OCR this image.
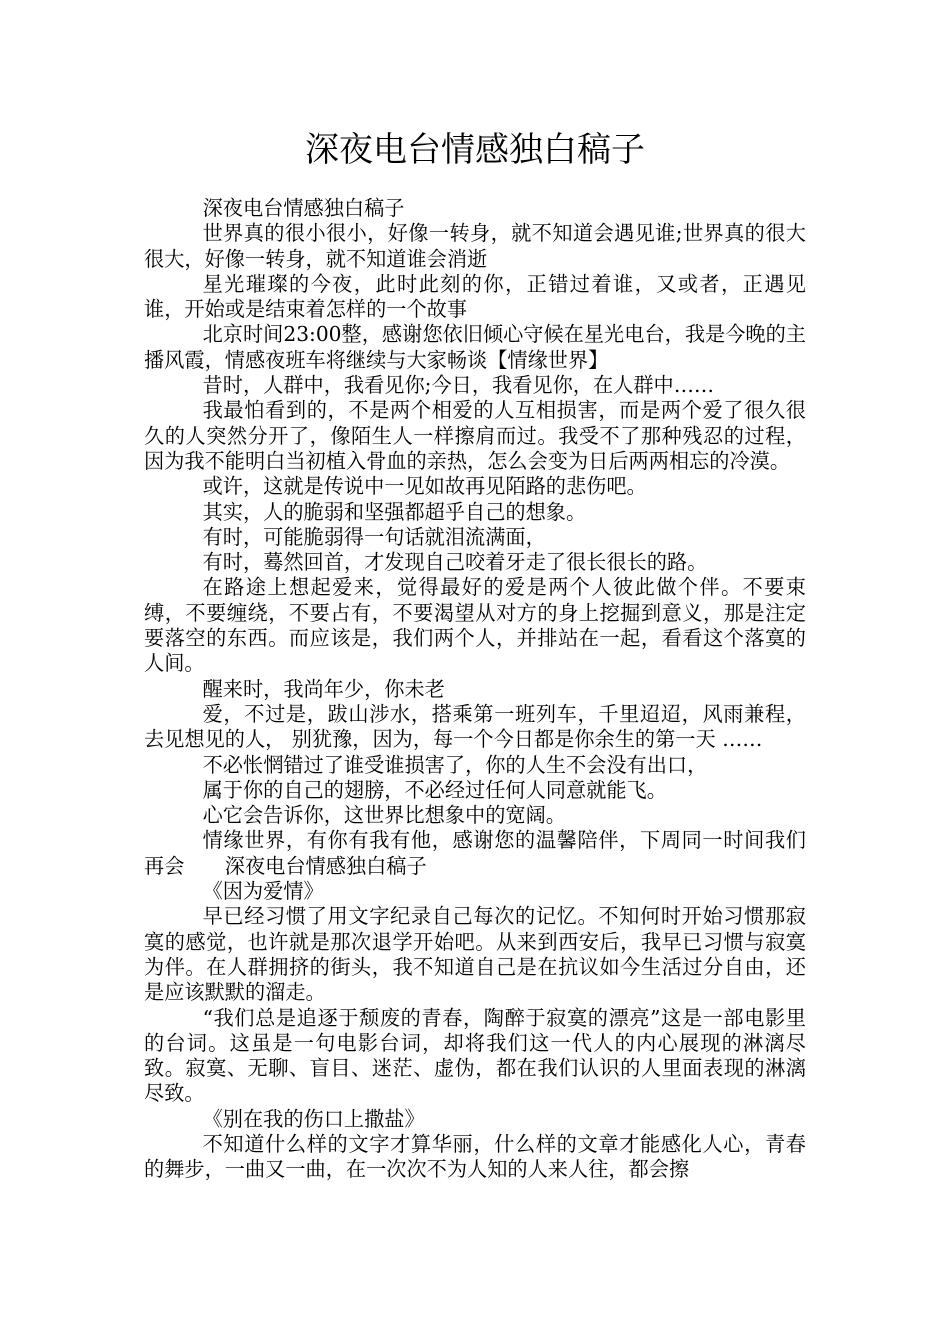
深夜电台情感独白稿子

深夜电台情感独白稿子

世界真的很小很小，好像一转身，就不知道会遇见谁;世界真的很大很大，好像一转身，就不知道谁会消逝

星光璀璨的今夜，此时此刻的你，正错过着谁，又或者，正遇见谁，开始或是结束着怎样的一个故事

北京时间23:00整，感谢您依旧倾心守候在星光电台，我是今晚的主播风霞，情感夜班车将继续与大家畅谈【情缘世界】

昔时，人群中，我看见你;今日，我看见你，在人群中……

我最怕看到的，不是两个相爱的人互相损害，而是两个爱了很久很久的人突然分开了，像陌生人一样擦肩而过。我受不了那种残忍的过程，因为我不能明白当初植入骨血的亲热，怎么会变为日后两两相忘的冷漠。

或许，这就是传说中一见如故再见陌路的悲伤吧。

其实，人的脆弱和坚强都超乎自己的想象。

有时，可能脆弱得一句话就泪流满面，

有时，蓦然回首，才发现自己咬着牙走了很长很长的路。

在路途上想起爱来，觉得最好的爱是两个人彼此做个伴。不要束缚，不要缠绕，不要占有，不要渴望从对方的身上挖掘到意义，那是注定要落空的东西。而应该是，我们两个人，并排站在一起，看看这个落寞的人间。

醒来时，我尚年少，你未老

爱，不过是，跋山涉水，搭乘第一班列车，千里迢迢，风雨兼程，去见想见的人， 别犹豫，因为，每一个今日都是你余生的第一天 ……

不必怅惘错过了谁受谁损害了，你的人生不会没有出口，

属于你的自己的翅膀，不必经过任何人同意就能飞。

心它会告诉你，这世界比想象中的宽阔。

情缘世界，有你有我有他，感谢您的温馨陪伴，下周同一时间我们再会　　深夜电台情感独白稿子

《因为爱情》

早已经习惯了用文字纪录自己每次的记忆。不知何时开始习惯那寂寞的感觉，也许就是那次退学开始吧。从来到西安后，我早已习惯与寂寞为伴。在人群拥挤的街头，我不知道自己是在抗议如今生活过分自由，还是应该默默的溜走。

“我们总是追逐于颓废的青春，陶醉于寂寞的漂亮”这是一部电影里的台词。这虽是一句电影台词，却将我们这一代人的内心展现的淋漓尽致。寂寞、无聊、盲目、迷茫、虚伪，都在我们认识的人里面表现的淋漓尽致。

《别在我的伤口上撒盐》

不知道什么样的文字才算华丽，什么样的文章才能感化人心，青春的舞步，一曲又一曲，在一次次不为人知的人来人往，都会擦
